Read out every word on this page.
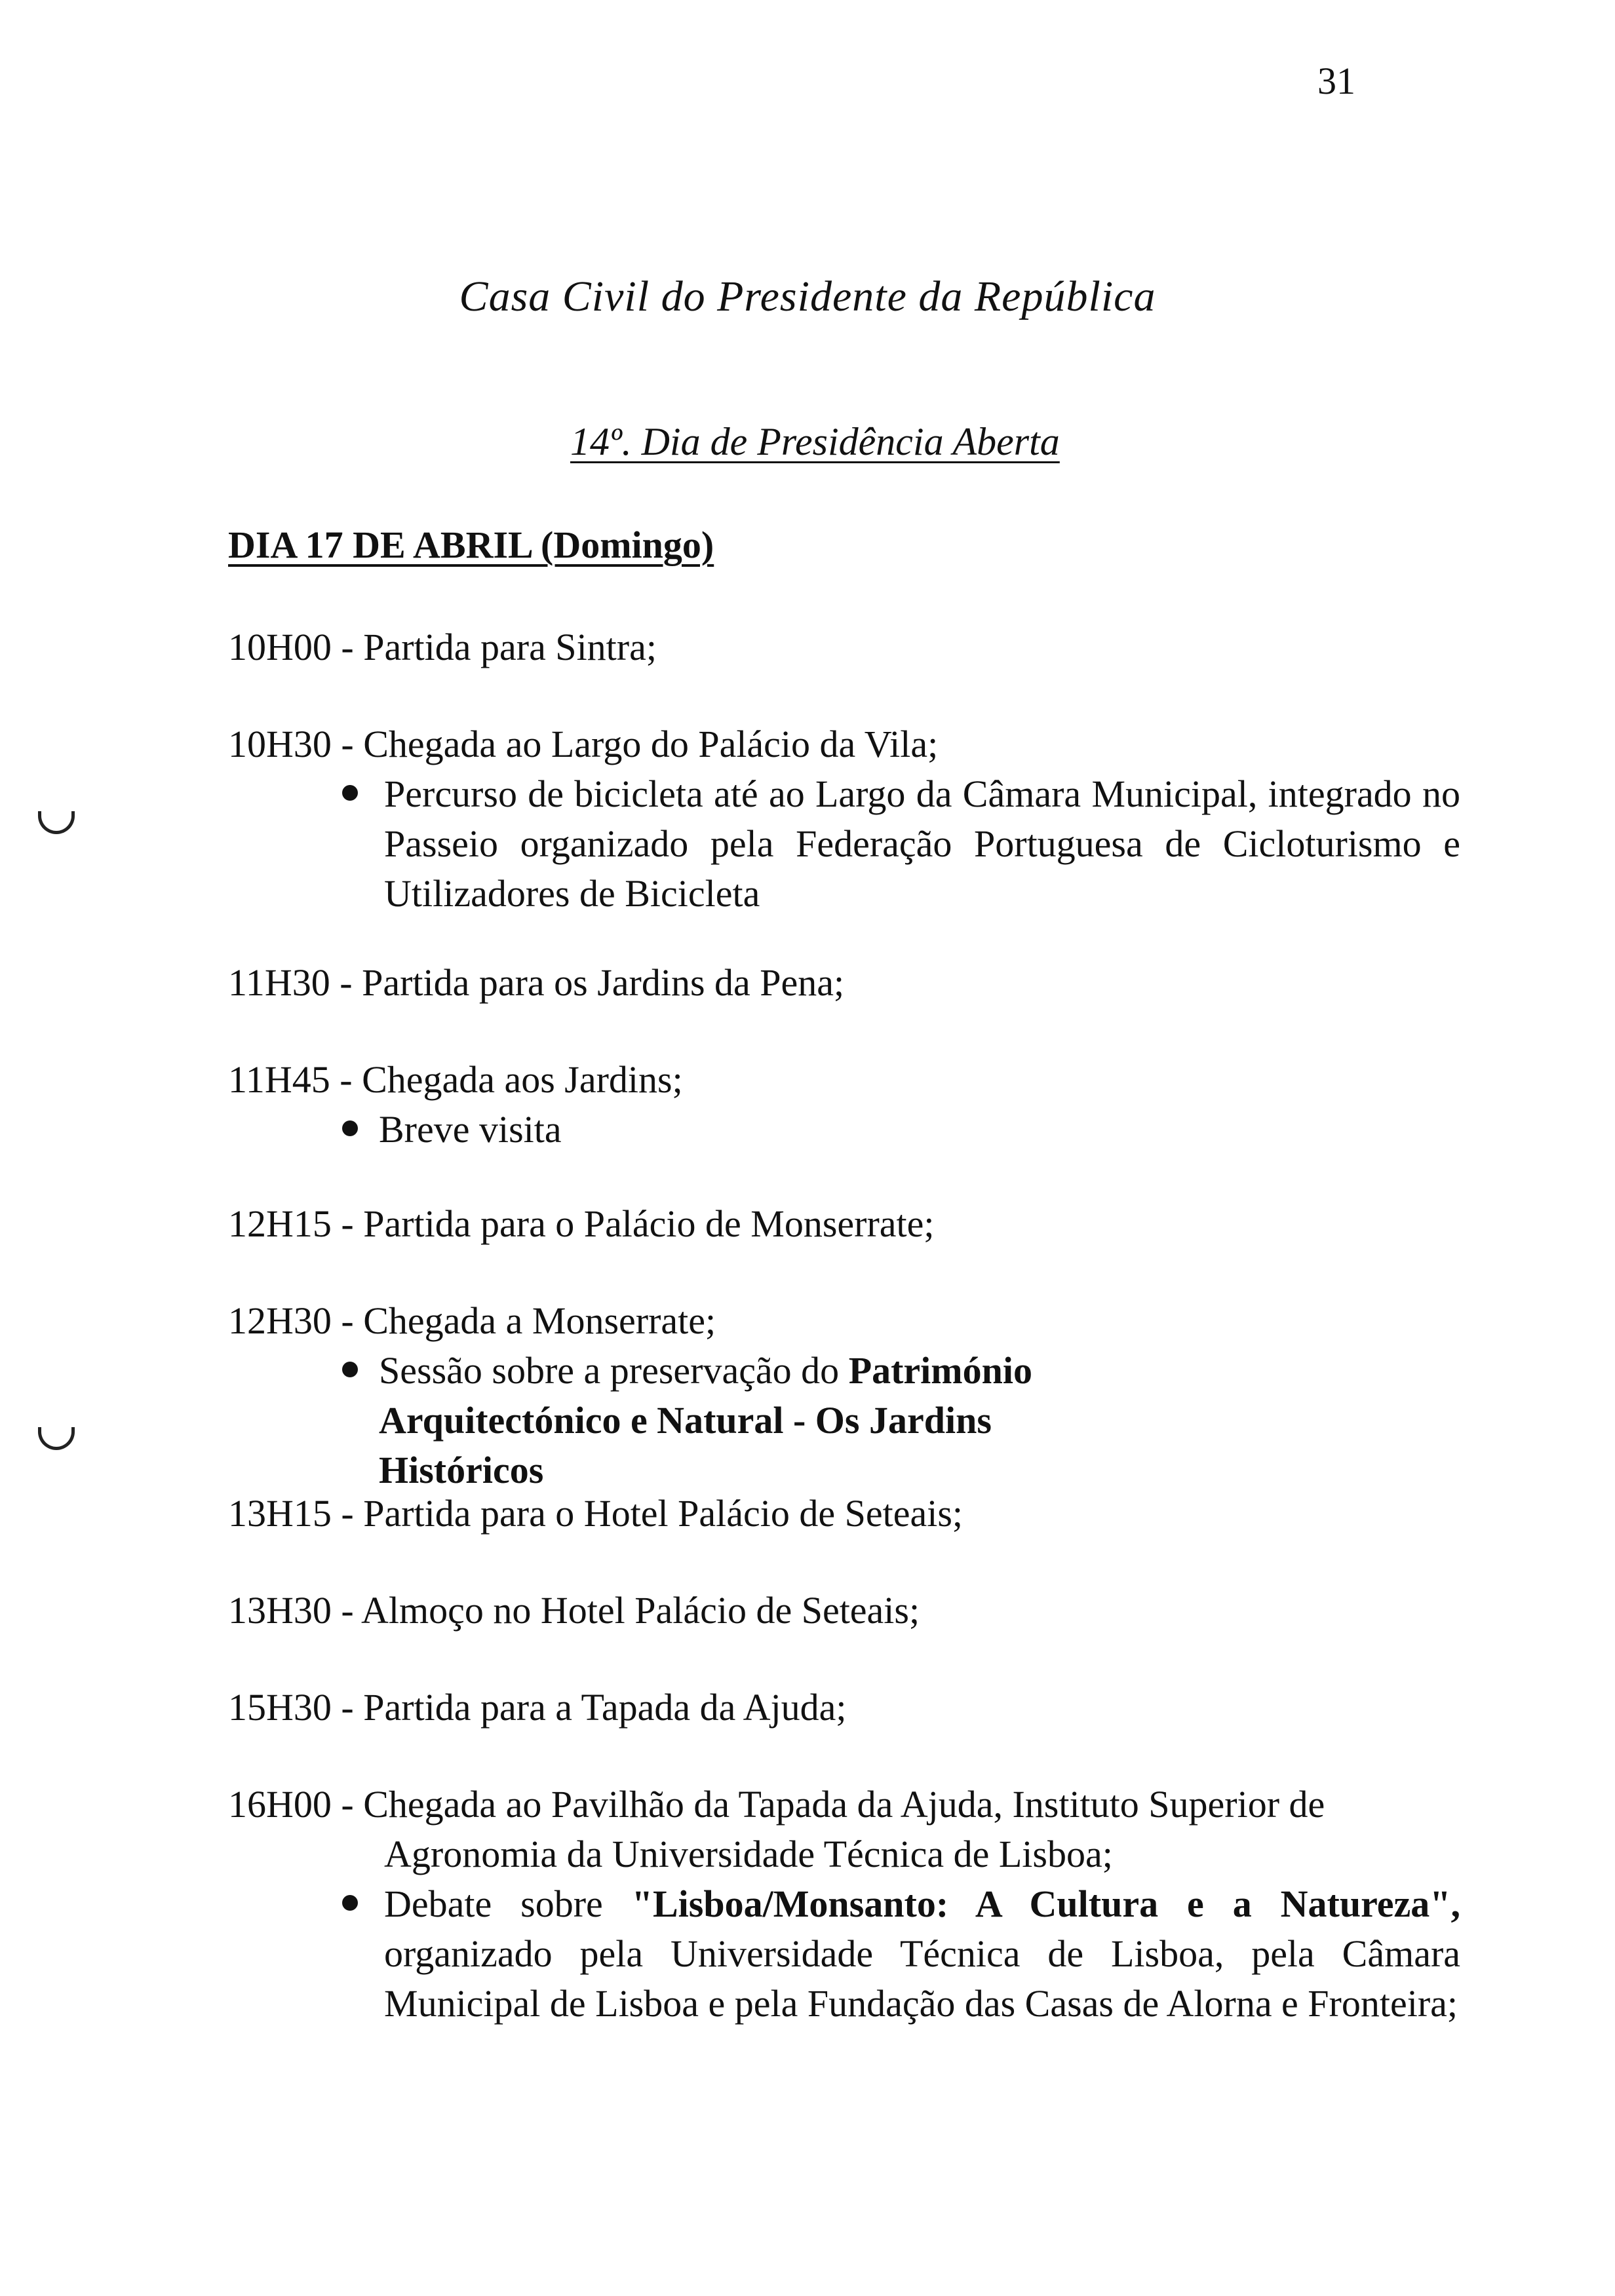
31
Casa Civil do Presidente da República
14º. Dia de Presidência Aberta
DIA 17 DE ABRIL (Domingo)
10H00 - Partida para Sintra;
10H30 - Chegada ao Largo do Palácio da Vila;
Percurso de bicicleta até ao Largo da Câmara Municipal, integrado no Passeio organizado pela Federação Portuguesa de Cicloturismo e Utilizadores de Bicicleta
11H30 - Partida para os Jardins da Pena;
11H45 - Chegada aos Jardins;
Breve visita
12H15 - Partida para o Palácio de Monserrate;
12H30 - Chegada a Monserrate;
Sessão sobre a preservação do Património Arquitectónico e Natural - Os Jardins Históricos
13H15 - Partida para o Hotel Palácio de Seteais;
13H30 - Almoço no Hotel Palácio de Seteais;
15H30 - Partida para a Tapada da Ajuda;
16H00 - Chegada ao Pavilhão da Tapada da Ajuda, Instituto Superior de
Agronomia da Universidade Técnica de Lisboa;
Debate sobre "Lisboa/Monsanto: A Cultura e a Natureza", organizado pela Universidade Técnica de Lisboa, pela Câmara Municipal de Lisboa e pela Fundação das Casas de Alorna e Fronteira;
